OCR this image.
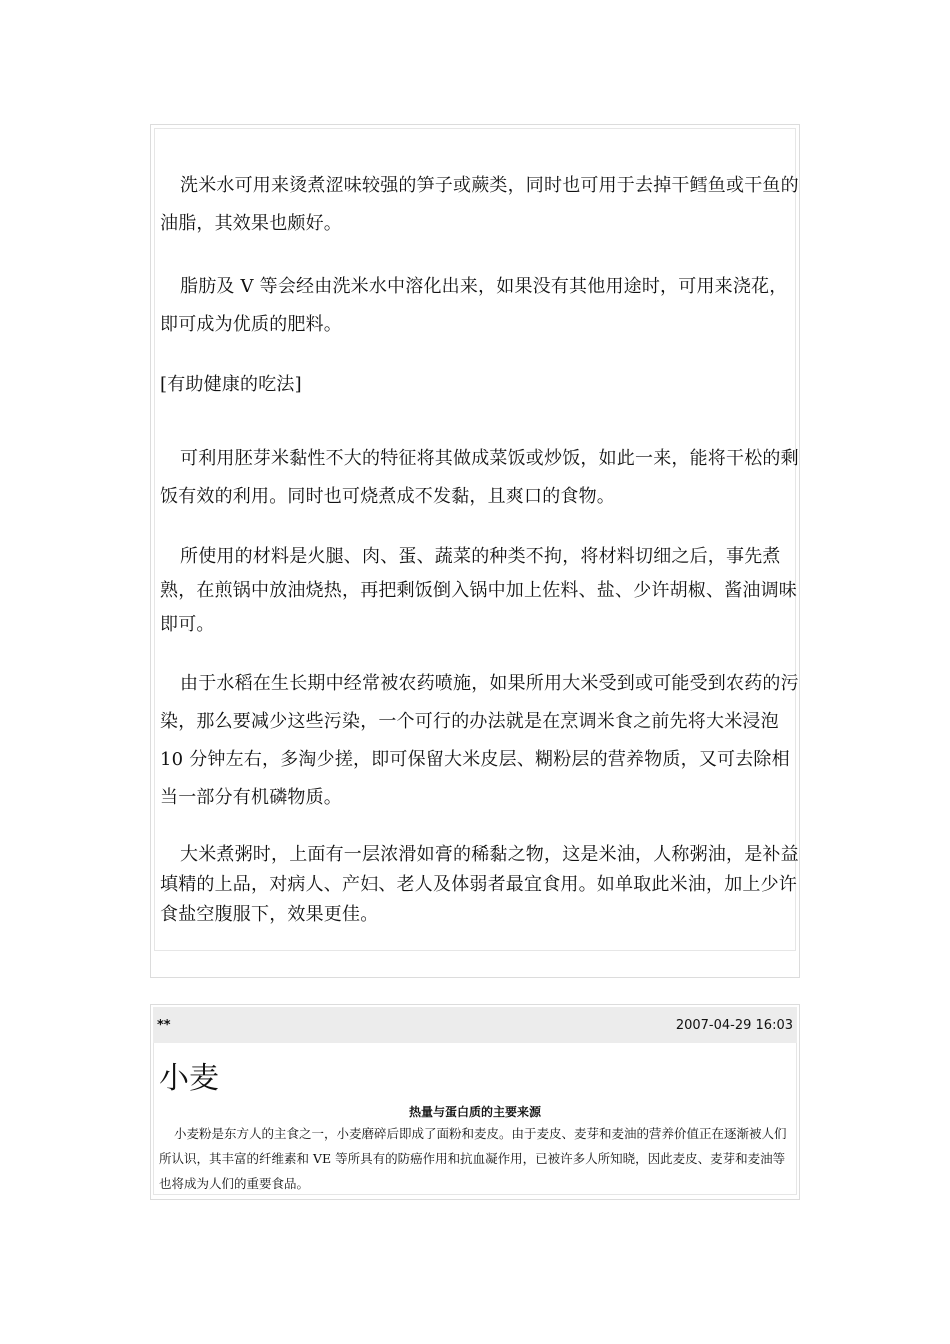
洗米水可用来烫煮涩味较强的笋子或蕨类，同时也可用于去掉干鳕鱼或干鱼的油脂，其效果也颇好。

脂肪及 V 等会经由洗米水中溶化出来，如果没有其他用途时，可用来浇花，即可成为优质的肥料。

[有助健康的吃法]

可利用胚芽米黏性不大的特征将其做成菜饭或炒饭，如此一来，能将干松的剩饭有效的利用。同时也可烧煮成不发黏，且爽口的食物。

所使用的材料是火腿、肉、蛋、蔬菜的种类不拘，将材料切细之后，事先煮熟，在煎锅中放油烧热，再把剩饭倒入锅中加上佐料、盐、少许胡椒、酱油调味即可。

由于水稻在生长期中经常被农药喷施，如果所用大米受到或可能受到农药的污染，那么要减少这些污染，一个可行的办法就是在烹调米食之前先将大米浸泡 10 分钟左右，多淘少搓，即可保留大米皮层、糊粉层的营养物质，又可去除相当一部分有机磷物质。

大米煮粥时，上面有一层浓滑如膏的稀黏之物，这是米油，人称粥油，是补益填精的上品，对病人、产妇、老人及体弱者最宜食用。如单取此米油，加上少许食盐空腹服下，效果更佳。

**	2007-04-29 16:03
小麦
热量与蛋白质的主要来源

小麦粉是东方人的主食之一，小麦磨碎后即成了面粉和麦皮。由于麦皮、麦芽和麦油的营养价值正在逐渐被人们所认识，其丰富的纤维素和 VE 等所具有的防癌作用和抗血凝作用，已被许多人所知晓，因此麦皮、麦芽和麦油等也将成为人们的重要食品。
